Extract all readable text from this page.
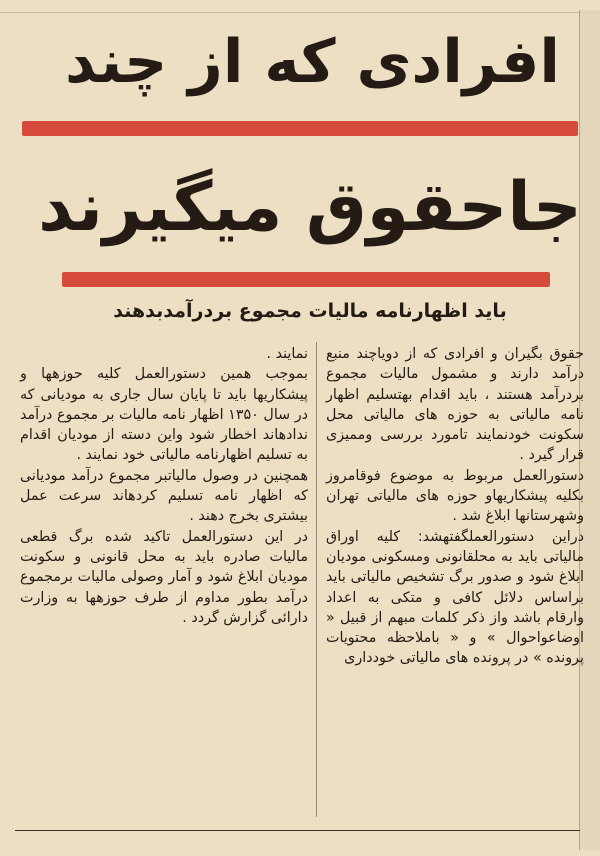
افرادی که از چند
جاحقوق میگیرند
باید اظهارنامه مالیات مجموع بردرآمدبدهند

حقوق بگیران و افرادی که از دویاچند منبع درآمد دارند و مشمول مالیات مجموع بردرآمد هستند ، باید اقدام بهتسلیم اظهار نامه مالیاتی به حوزه های مالیاتی محل سکونت خودنمایند تامورد بررسی وممیزی قرار گیرد .

دستورالعمل مربوط به موضوع فوقامروز بکلیه پیشکاریهاو حوزه های مالیاتی تهران وشهرستانها ابلاغ شد .

دراین دستورالعملگفتهشد: کلیه اوراق مالیاتی باید به محلقانونی ومسکونی مودیان ابلاغ شود و صدور برگ تشخیص مالیاتی باید براساس دلائل کافی و متکی به اعداد وارقام باشد واز ذکر کلمات مبهم از قبیل « اوضاعواحوال » و « باملاحظه محتویات پرونده » در پرونده های مالیاتی خودداری

نمایند .

بموجب همین دستورالعمل کلیه حوزهها و پیشکاریها باید تا پایان سال جاری به مودیانی که در سال ۱۳۵۰ اظهار نامه مالیات بر مجموع درآمد ندادهاند اخطار شود واین دسته از مودیان اقدام به تسلیم اظهارنامه مالیاتی خود نمایند .

همچنین در وصول مالیاتبر مجموع درآمد مودیانی که اظهار نامه تسلیم کردهاند سرعت عمل بیشتری بخرج دهند .

در این دستورالعمل تاکید شده برگ قطعی مالیات صادره باید به محل قانونی و سکونت مودیان ابلاغ شود و آمار وصولی مالیات برمجموع درآمد بطور مداوم از طرف حوزهها به وزارت دارائی گزارش گردد .
